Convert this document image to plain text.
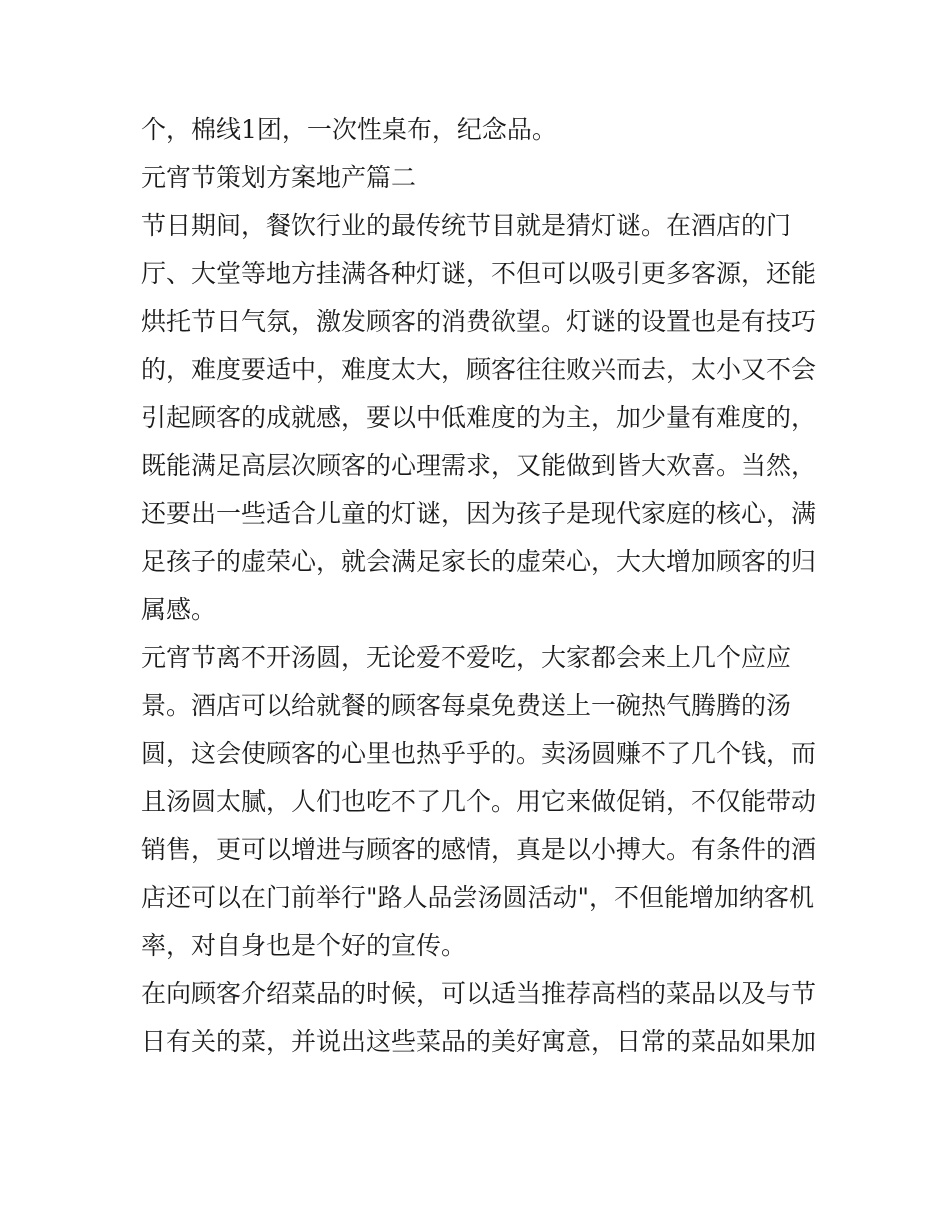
个，棉线1团，一次性桌布，纪念品。
元宵节策划方案地产篇二
节日期间，餐饮行业的最传统节目就是猜灯谜。在酒店的门
厅、大堂等地方挂满各种灯谜，不但可以吸引更多客源，还能
烘托节日气氛，激发顾客的消费欲望。灯谜的设置也是有技巧
的，难度要适中，难度太大，顾客往往败兴而去，太小又不会
引起顾客的成就感，要以中低难度的为主，加少量有难度的，
既能满足高层次顾客的心理需求，又能做到皆大欢喜。当然，
还要出一些适合儿童的灯谜，因为孩子是现代家庭的核心，满
足孩子的虚荣心，就会满足家长的虚荣心，大大增加顾客的归
属感。
元宵节离不开汤圆，无论爱不爱吃，大家都会来上几个应应
景。酒店可以给就餐的顾客每桌免费送上一碗热气腾腾的汤
圆，这会使顾客的心里也热乎乎的。卖汤圆赚不了几个钱，而
且汤圆太腻，人们也吃不了几个。用它来做促销，不仅能带动
销售，更可以增进与顾客的感情，真是以小搏大。有条件的酒
店还可以在门前举行"路人品尝汤圆活动"，不但能增加纳客机
率，对自身也是个好的宣传。
在向顾客介绍菜品的时候，可以适当推荐高档的菜品以及与节
日有关的菜，并说出这些菜品的美好寓意，日常的菜品如果加
